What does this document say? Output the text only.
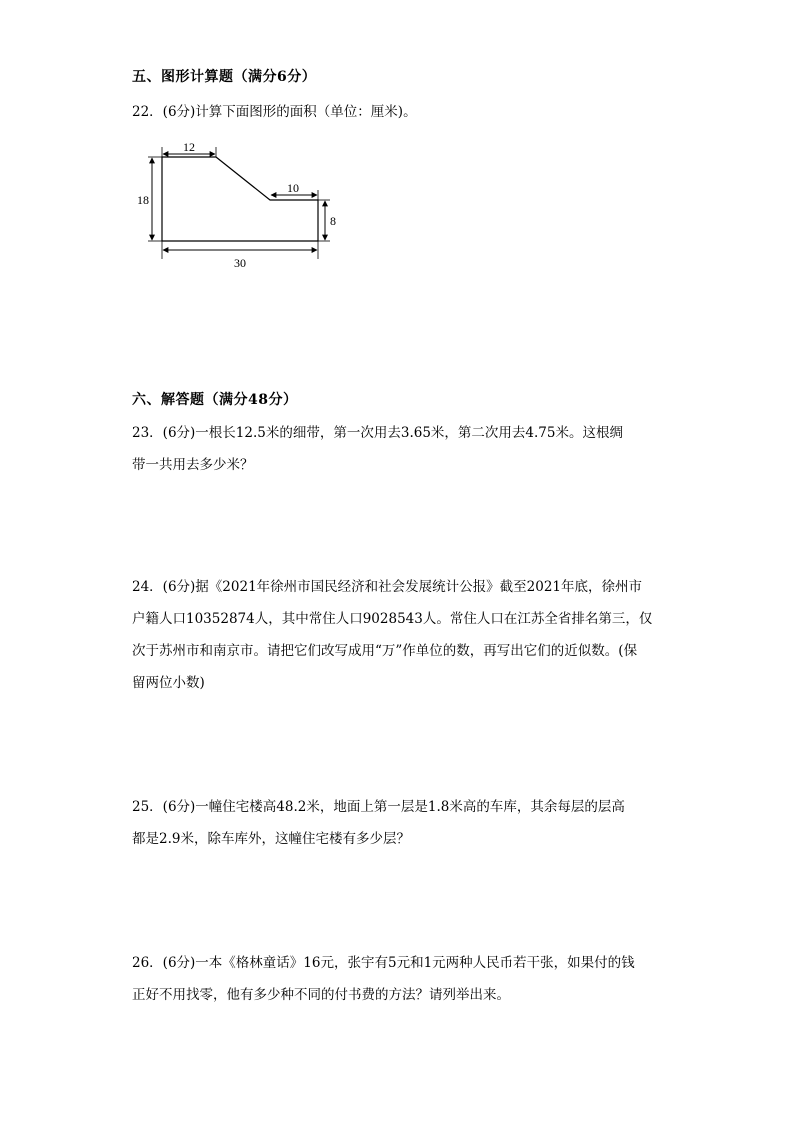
五、图形计算题（满分6分）
22．(6分)计算下面图形的面积（单位：厘米)。
12
18
10
8
30
六、解答题（满分48分）
23．(6分)一根长12.5米的细带，第一次用去3.65米，第二次用去4.75米。这根绸
带一共用去多少米？
24．(6分)据《2021年徐州市国民经济和社会发展统计公报》截至2021年底，徐州市
户籍人口10352874人，其中常住人口9028543人。常住人口在江苏全省排名第三，仅
次于苏州市和南京市。请把它们改写成用“万”作单位的数，再写出它们的近似数。(保
留两位小数)
25．(6分)一幢住宅楼高48.2米，地面上第一层是1.8米高的车库，其余每层的层高
都是2.9米，除车库外，这幢住宅楼有多少层？
26．(6分)一本《格林童话》16元，张宇有5元和1元两种人民币若干张，如果付的钱
正好不用找零，他有多少种不同的付书费的方法？请列举出来。
